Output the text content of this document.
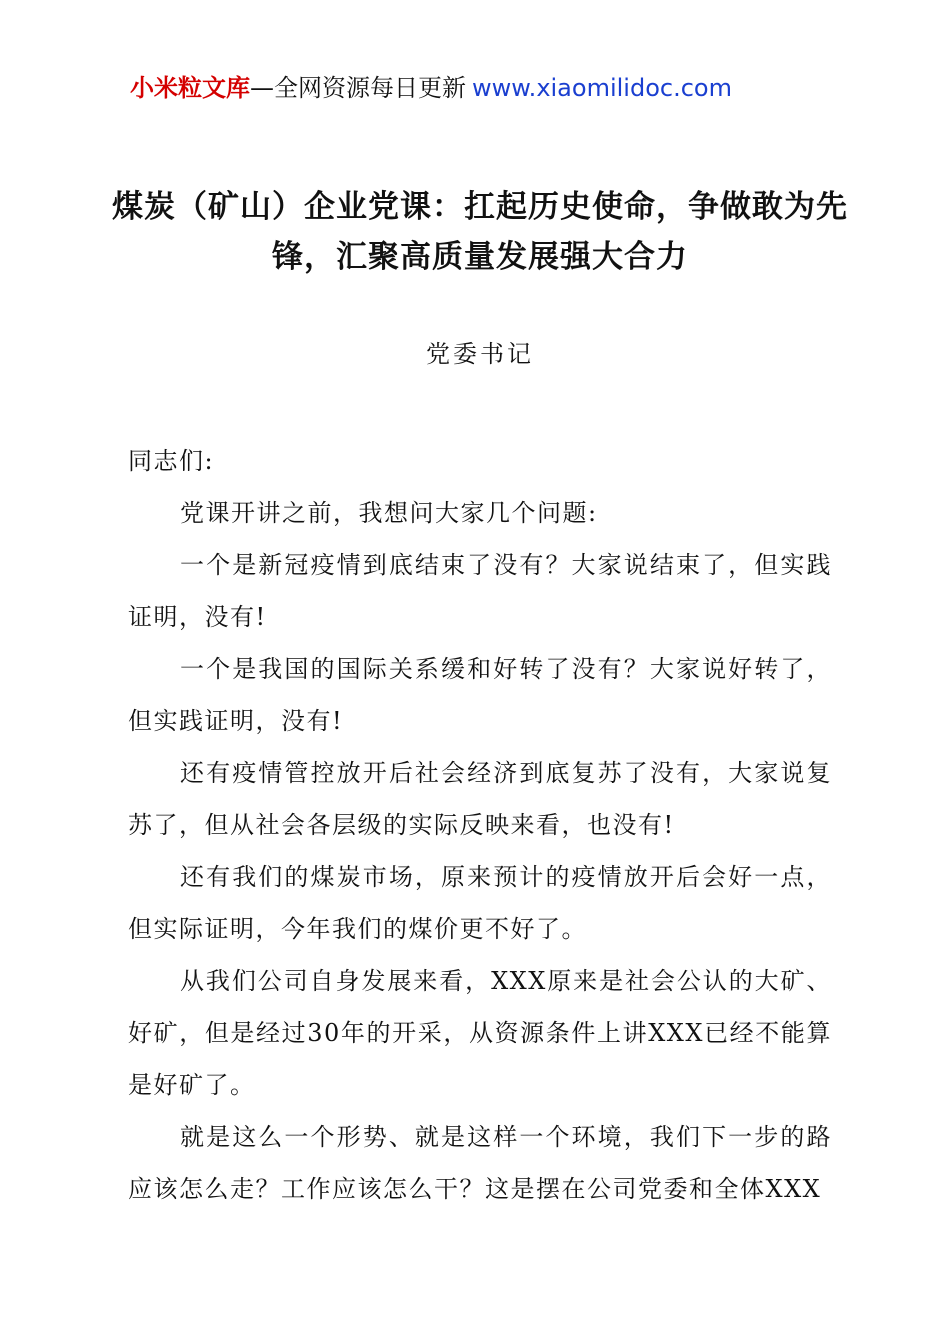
小米粒文库—全网资源每日更新 www.xiaomilidoc.com
煤炭（矿山）企业党课：扛起历史使命，争做敢为先锋，汇聚高质量发展强大合力
党委书记

同志们:

党课开讲之前，我想问大家几个问题:

一个是新冠疫情到底结束了没有？大家说结束了，但实践证明，没有!

一个是我国的国际关系缓和好转了没有？大家说好转了，但实践证明，没有!

还有疫情管控放开后社会经济到底复苏了没有，大家说复苏了，但从社会各层级的实际反映来看，也没有!

还有我们的煤炭市场，原来预计的疫情放开后会好一点，但实际证明，今年我们的煤价更不好了。

从我们公司自身发展来看，XXX原来是社会公认的大矿、好矿，但是经过30年的开采，从资源条件上讲XXX已经不能算是好矿了。

就是这么一个形势、就是这样一个环境，我们下一步的路应该怎么走？工作应该怎么干？这是摆在公司党委和全体XXX
